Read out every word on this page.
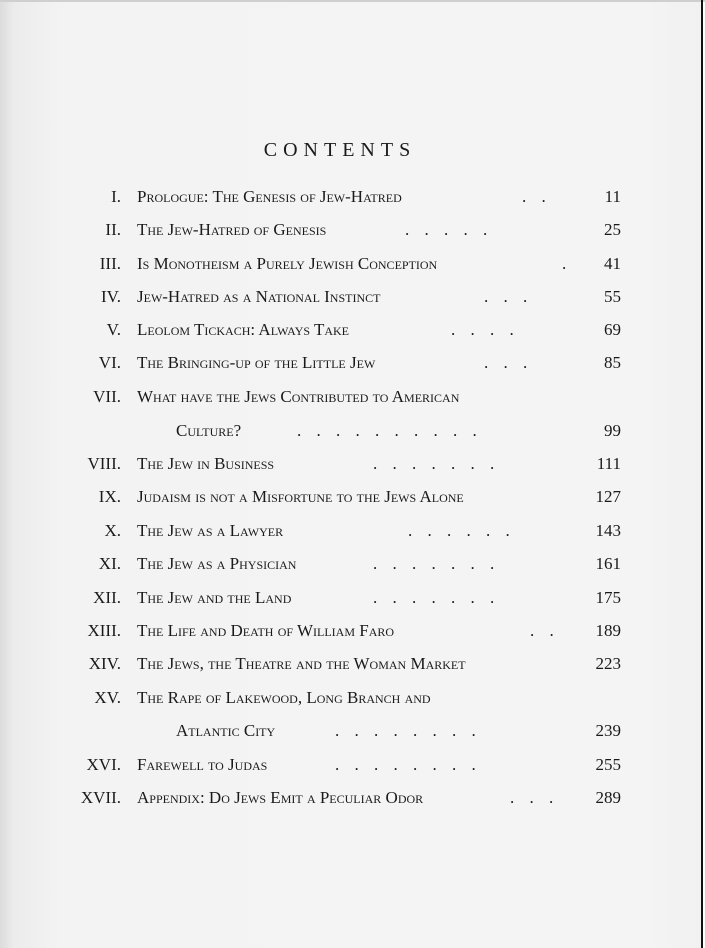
CONTENTS
I. Prologue: The Genesis of Jew-Hatred	. .	11
II. The Jew-Hatred of Genesis	. . . . .	25
III. Is Monotheism a Purely Jewish Conception	.	41
IV. Jew-Hatred as a National Instinct	. . .	55
V. Leolom Tickach: Always Take	. . . .	69
VI. The Bringing-up of the Little Jew	. . .	85
VII. What have the Jews Contributed to American
Culture?	. . . . . . . . . .	99
VIII. The Jew in Business	. . . . . . .	111
IX. Judaism is not a Misfortune to the Jews Alone	127
X. The Jew as a Lawyer	. . . . . .	143
XI. The Jew as a Physician	. . . . . . .	161
XII. The Jew and the Land	. . . . . . .	175
XIII. The Life and Death of William Faro	. .	189
XIV. The Jews, the Theatre and the Woman Market	223
XV. The Rape of Lakewood, Long Branch and
Atlantic City	. . . . . . . .	239
XVI. Farewell to Judas	. . . . . . . .	255
XVII. Appendix: Do Jews Emit a Peculiar Odor	. . .	289
